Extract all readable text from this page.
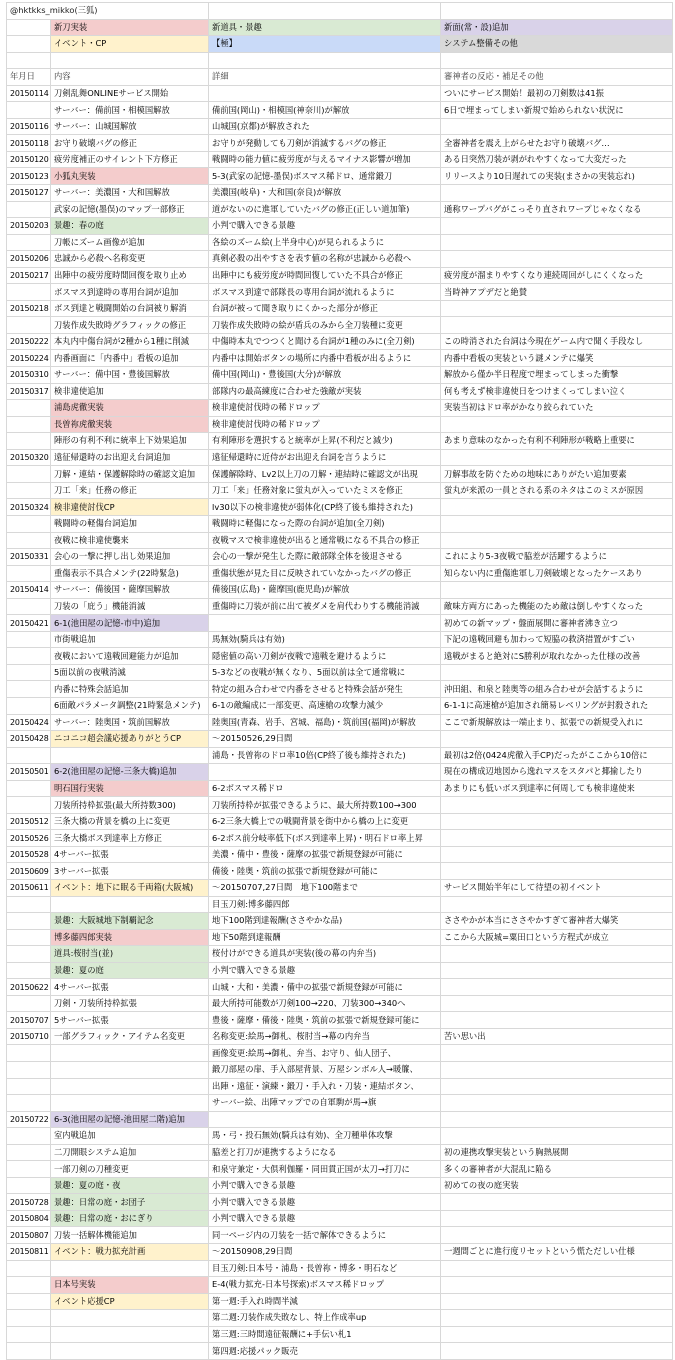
@hktkks_mikko(三狐)			
	新刀実装	新道具・景趣	新面(常・設)追加
	イベント・CP	【極】	システム整備その他

年月日	内容	詳細	審神者の反応・補足その他
20150114	刀剣乱舞ONLINEサービス開始		ついにサービス開始！最初の刀剣数は41振
	サーバー：備前国・相模国解放	備前国(岡山)・相模国(神奈川)が解放	6日で埋まってしまい新規で始められない状況に
20150116	サーバー：山城国解放	山城国(京都)が解放された	
20150118	お守り破壊バグの修正	お守りが発動しても刀剣が消滅するバグの修正	全審神者を震え上がらせたお守り破壊バグ…
20150120	疲労度補正のサイレント下方修正	戦闘時の能力値に疲労度が与えるマイナス影響が増加	ある日突然刀装が剥がれやすくなって大変だった
20150123	小狐丸実装	5-3(武家の記憶-墨俣)ボスマス稀ドロ、通常鍛刀	リリースより10日遅れての実装(まさかの実装忘れ)
20150127	サーバー：美濃国・大和国解放	美濃国(岐阜)・大和国(奈良)が解放	
	武家の記憶(墨俣)のマップ一部修正	道がないのに進軍していたバグの修正(正しい道加筆)	通称ワープバグがこっそり直されワープじゃなくなる
20150203	景趣：春の庭	小判で購入できる景趣	
	刀帳にズーム画像が追加	各絵のズーム絵(上半身中心)が見られるように	
20150206	忠誠から必殺へ名称変更	真剣必殺の出やすさを表す値の名称が忠誠から必殺へ	
20150217	出陣中の疲労度時間回復を取り止め	出陣中にも疲労度が時間回復していた不具合が修正	疲労度が溜まりやすくなり連続周回がしにくくなった
	ボスマス到達時の専用台詞が追加	ボスマス到達で部隊長の専用台詞が流れるように	当時神アプデだと絶賛
20150218	ボス到達と戦闘開始の台詞被り解消	台詞が被って聞き取りにくかった部分が修正	
	刀装作成失敗時グラフィックの修正	刀装作成失敗時の絵が盾兵のみから全刀装種に変更	
20150222	本丸内中傷台詞が2種から1種に削減	中傷時本丸でつつくと聞ける台詞が1種のみに(全刀剣)	この時消された台詞は今現在ゲーム内で聞く手段なし
20150224	内番画面に「内番中」看板の追加	内番中は開始ボタンの場所に内番中看板が出るように	内番中看板の実装という謎メンテに爆笑
20150310	サーバー：備中国・豊後国解放	備中国(岡山)・豊後国(大分)が解放	解放から僅か半日程度で埋まってしまった衝撃
20150317	検非違使追加	部隊内の最高練度に合わせた強敵が実装	何も考えず検非違使日をつけまくってしまい泣く
	浦島虎徹実装	検非違使討伐時の稀ドロップ	実装当初はドロ率がかなり絞られていた
	長曽祢虎徹実装	検非違使討伐時の稀ドロップ	
	陣形の有利不利に統率上下効果追加	有利陣形を選択すると統率が上昇(不利だと減少)	あまり意味のなかった有利不利陣形が戦略上重要に
20150320	遠征帰還時のお出迎え台詞追加	遠征帰還時に近侍がお出迎え台詞を言うように	
	刀解・連結・保護解除時の確認文追加	保護解除時、Lv2以上刀の刀解・連結時に確認文が出現	刀解事故を防ぐための地味にありがたい追加要素
	刀工「来」任務の修正	刀工「来」任務対象に蛍丸が入っていたミスを修正	蛍丸が来派の一員とされる系のネタはこのミスが原因
20150324	検非違使討伐CP	lv30以下の検非違使が弱体化(CP終了後も維持された)	
	戦闘時の軽傷台詞追加	戦闘時に軽傷になった際の台詞が追加(全刀剣)	
	夜戦に検非違使襲来	夜戦マスで検非違使が出ると通常戦になる不具合の修正	
20150331	会心の一撃に押し出し効果追加	会心の一撃が発生した際に敵部隊全体を後退させる	これにより5-3夜戦で脇差が活躍するように
	重傷表示不具合メンテ(22時緊急)	重傷状態が見た目に反映されていなかったバグの修正	知らない内に重傷進軍し刀剣破壊となったケースあり
20150414	サーバー：備後国・薩摩国解放	備後国(広島)・薩摩国(鹿児島)が解放	
	刀装の「庇う」機能消滅	重傷時に刀装が前に出て被ダメを肩代わりする機能消滅	敵味方両方にあった機能のため敵は倒しやすくなった
20150421	6-1(池田屋の記憶-市中)追加		初めての新マップ・盤面展開に審神者沸き立つ
	市街戦追加	馬無効(騎兵は有効)	下記の遠戦回避も加わって短脇の救済措置がすごい
	夜戦において遠戦回避能力が追加	隠密値の高い刀剣が夜戦で遠戦を避けるように	遠戦がまると絶対にS勝利が取れなかった仕様の改善
	5面以前の夜戦消滅	5-3などの夜戦が無くなり、5面以前は全て通常戦に	
	内番に特殊会話追加	特定の組み合わせで内番をさせると特殊会話が発生	沖田組、和泉と陸奥等の組み合わせが会話するように
	6面敵パラメータ調整(21時緊急メンテ)	6-1の敵編成に一部変更、高速槍の攻撃力減少	6-1-1に高速槍が追加され簡易レベリングが封殺された
20150424	サーバー：陸奥国・筑前国解放	陸奥国(青森、岩手、宮城、福島)・筑前国(福岡)が解放	ここで新規解放は一端止まり、拡張での新規受入れに
20150428	ニコニコ超会議応援ありがとうCP	〜20150526,29日間	
		浦島・長曽祢のドロ率10倍(CP終了後も維持された)	最初は2倍(0424虎徹入手CP)だったがここから10倍に
20150501	6-2(池田屋の記憶-三条大橋)追加		現在の構成辺地図から逸れマスをスタパと揶揄したり
	明石国行実装	6-2ボスマス稀ドロ	あまりにも低いボス到達率に何周しても検非違使来
	刀装所持枠拡張(最大所持数300)	刀装所持枠が拡張できるように、最大所持数100→300	
20150512	三条大橋の背景を橋の上に変更	6-2三条大橋上での戦闘背景を街中から橋の上に変更	
20150526	三条大橋ボス到達率上方修正	6-2ボス前分岐率低下(ボス到達率上昇)・明石ドロ率上昇	
20150528	4サーバー拡張	美濃・備中・豊後・薩摩の拡張で新規登録が可能に	
20150609	3サーバー拡張	備後・陸奥・筑前の拡張で新規登録が可能に	
20150611	イベント：地下に眠る千両箱(大阪城)	〜20150707,27日間　地下100階まで	サービス開始半年にして待望の初イベント
		目玉刀剣:博多藤四郎	
	景趣：大阪城地下制覇記念	地下100階到達報酬(ささやかな品)	ささやかが本当にささやかすぎて審神者大爆笑
	博多藤四郎実装	地下50階到達報酬	ここから大阪城=粟田口という方程式が成立
	道具:桜肘当(並)	桜付けができる道具が実装(後の幕の内弁当)	
	景趣：夏の庭	小判で購入できる景趣	
20150622	4サーバー拡張	山城・大和・美濃・備中の拡張で新規登録が可能に	
	刀剣・刀装所持枠拡張	最大所持可能数が刀剣100→220、刀装300→340へ	
20150707	5サーバー拡張	豊後・薩摩・備後・陸奥・筑前の拡張で新規登録可能に	
20150710	一部グラフィック・アイテム名変更	名称変更:絵馬→御札、桜肘当→幕の内弁当	苦い思い出
		画像変更:絵馬→御札、弁当、お守り、仙人団子、	
		鍛刀部屋の扉、手入部屋背景、万屋シンボル人→暖簾、	
		出陣・遠征・演練・鍛刀・手入れ・刀装・連結ボタン、	
		サーバー絵、出陣マップでの自軍駒が馬→旗	
20150722	6-3(池田屋の記憶-池田屋二階)追加		
	室内戦追加	馬・弓・投石無効(騎兵は有効)、全刀種単体攻撃	
	二刀開眼システム追加	脇差と打刀が連携するようになる	初の連携攻撃実装という胸熱展開
	一部刀剣の刀種変更	和泉守兼定・大倶利伽羅・同田貫正国が太刀→打刀に	多くの審神者が大混乱に陥る
	景趣：夏の庭・夜	小判で購入できる景趣	初めての夜の庭実装
20150728	景趣：日常の庭・お団子	小判で購入できる景趣	
20150804	景趣：日常の庭・おにぎり	小判で購入できる景趣	
20150807	刀装一括解体機能追加	同一ページ内の刀装を一括で解体できるように	
20150811	イベント：戦力拡充計画	〜20150908,29日間	一週間ごとに進行度リセットという慌ただしい仕様
		目玉刀剣:日本号・浦島・長曽祢・博多・明石など	
	日本号実装	E-4(戦力拡充-日本号探索)ボスマス稀ドロップ	
	イベント応援CP	第一週:手入れ時間半減	
		第二週:刀装作成失敗なし、特上作成率up	
		第三週:三時間遠征報酬に+手伝い札1	
		第四週:応援パック販売	
